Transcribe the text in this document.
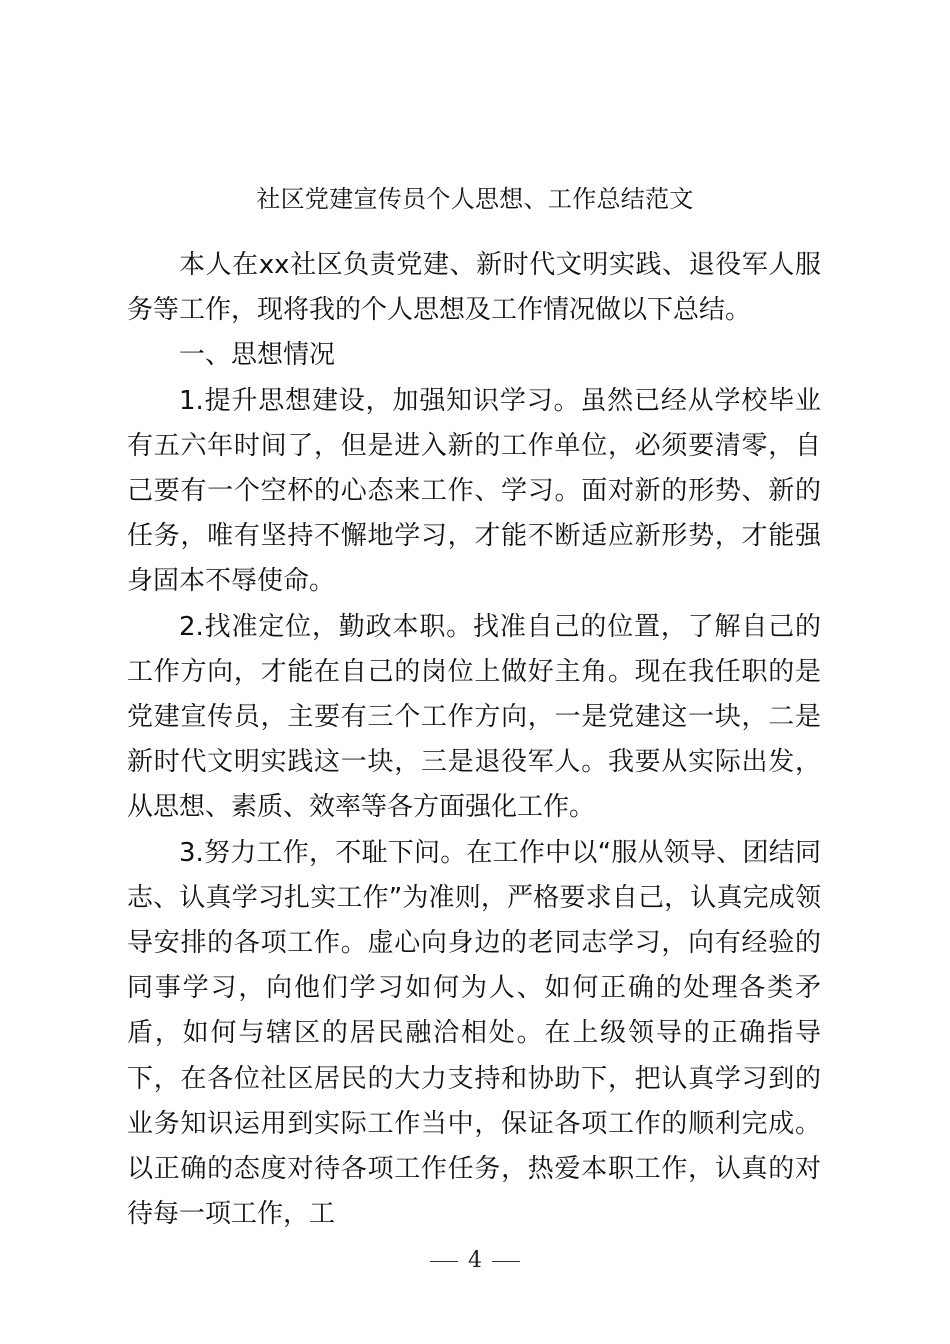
社区党建宣传员个人思想、工作总结范文

本人在xx社区负责党建、新时代文明实践、退役军人服务等工作，现将我的个人思想及工作情况做以下总结。

一、思想情况

1.提升思想建设，加强知识学习。虽然已经从学校毕业有五六年时间了，但是进入新的工作单位，必须要清零，自己要有一个空杯的心态来工作、学习。面对新的形势、新的任务，唯有坚持不懈地学习，才能不断适应新形势，才能强身固本不辱使命。

2.找准定位，勤政本职。找准自己的位置，了解自己的工作方向，才能在自己的岗位上做好主角。现在我任职的是党建宣传员，主要有三个工作方向，一是党建这一块，二是新时代文明实践这一块，三是退役军人。我要从实际出发，从思想、素质、效率等各方面强化工作。

3.努力工作，不耻下问。在工作中以“服从领导、团结同志、认真学习扎实工作”为准则，严格要求自己，认真完成领导安排的各项工作。虚心向身边的老同志学习，向有经验的同事学习，向他们学习如何为人、如何正确的处理各类矛盾，如何与辖区的居民融洽相处。在上级领导的正确指导下，在各位社区居民的大力支持和协助下，把认真学习到的业务知识运用到实际工作当中，保证各项工作的顺利完成。以正确的态度对待各项工作任务，热爱本职工作，认真的对待每一项工作，工

4
